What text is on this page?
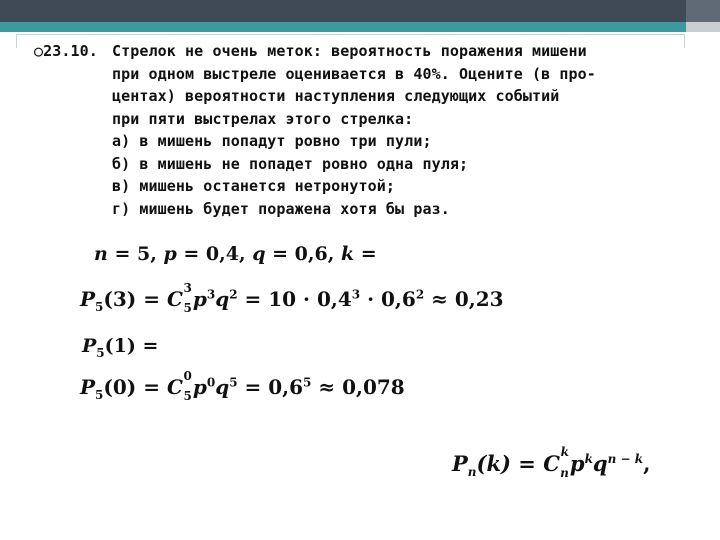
○23.10. Стрелок не очень меток: вероятность поражения мишени
при одном выстреле оценивается в 40%. Оцените (в про-
центах) вероятности наступления следующих событий
при пяти выстрелах этого стрелка:
а) в мишень попадут ровно три пули;
б) в мишень не попадет ровно одна пуля;
в) мишень останется нетронутой;
г) мишень будет поражена хотя бы раз.
n = 5, p = 0,4, q = 0,6, k =
$P_5(3) = C$ 3
5 $p^3q^2 = 10 \cdot 0,4^3 \cdot 0,6^2 \approx 0,23$
$P_5(1)$ =
$P_5(0) = C$ 0
5 $p^0q^5 = 0,6^5 \approx 0,078$
$P_n(k) = C$ k
n $p^kq^{n - k}$,
